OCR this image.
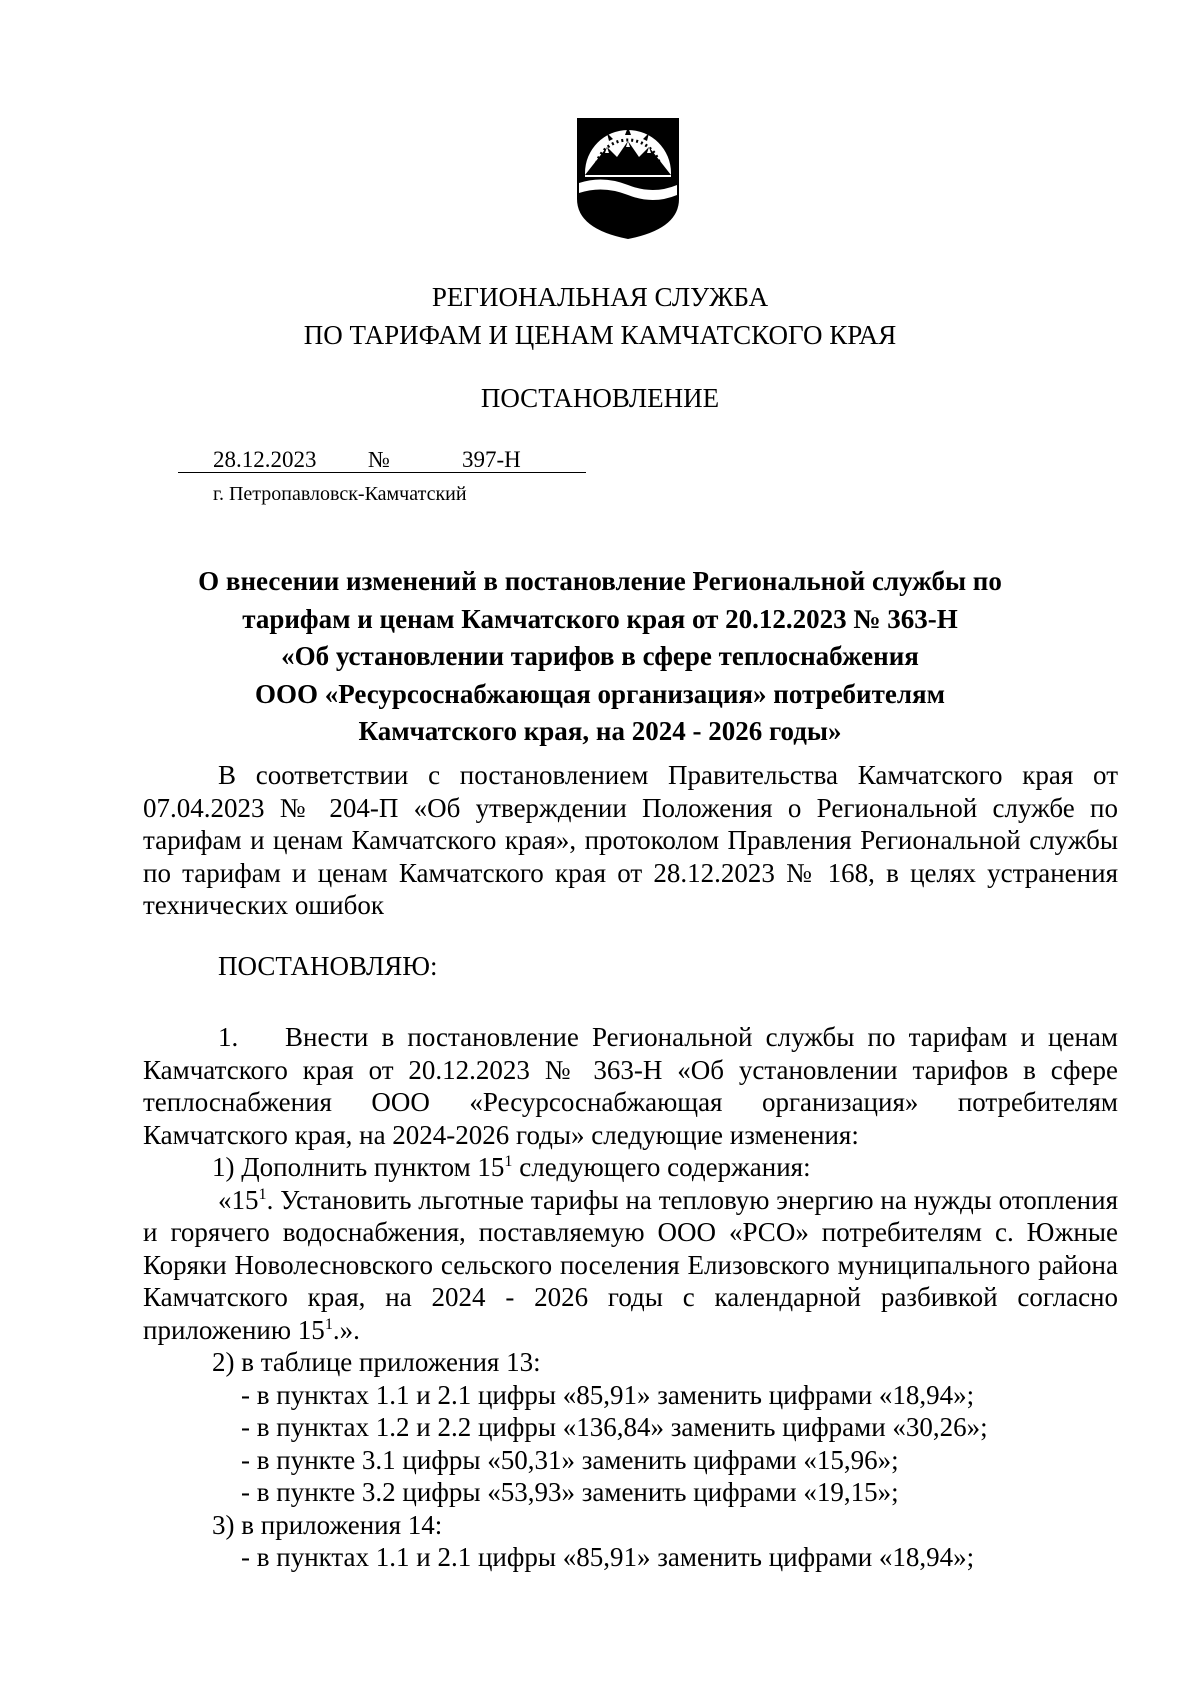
РЕГИОНАЛЬНАЯ СЛУЖБА
ПО ТАРИФАМ И ЦЕНАМ КАМЧАТСКОГО КРАЯ
ПОСТАНОВЛЕНИЕ
28.12.2023 №	397-Н
г. Петропавловск-Камчатский
О внесении изменений в постановление Региональной службы по
тарифам и ценам Камчатского края от 20.12.2023 № 363-Н
«Об установлении тарифов в сфере теплоснабжения
ООО «Ресурсоснабжающая организация» потребителям
Камчатского края, на 2024 - 2026 годы»
В соответствии с постановлением Правительства Камчатского края от 07.04.2023 № 204-П «Об утверждении Положения о Региональной службе по тарифам и ценам Камчатского края», протоколом Правления Региональной службы по тарифам и ценам Камчатского края от 28.12.2023 № 168, в целях устранения технических ошибок
ПОСТАНОВЛЯЮ:
1. Внести в постановление Региональной службы по тарифам и ценам Камчатского края от 20.12.2023 № 363-Н «Об установлении тарифов в сфере теплоснабжения ООО «Ресурсоснабжающая организация» потребителям Камчатского края, на 2024-2026 годы» следующие изменения:
1) Дополнить пунктом $15^1$ следующего содержания:
«$15^1$. Установить льготные тарифы на тепловую энергию на нужды отопления и горячего водоснабжения, поставляемую ООО «РСО» потребителям с. Южные Коряки Новолесновского сельского поселения Елизовского муниципального района Камчатского края, на 2024 - 2026 годы с календарной разбивкой согласно приложению $15^1$.».
2) в таблице приложения 13:
- в пунктах 1.1 и 2.1 цифры «85,91» заменить цифрами «18,94»;
- в пунктах 1.2 и 2.2 цифры «136,84» заменить цифрами «30,26»;
- в пункте 3.1 цифры «50,31» заменить цифрами «15,96»;
- в пункте 3.2 цифры «53,93» заменить цифрами «19,15»;
3) в приложения 14:
- в пунктах 1.1 и 2.1 цифры «85,91» заменить цифрами «18,94»;
